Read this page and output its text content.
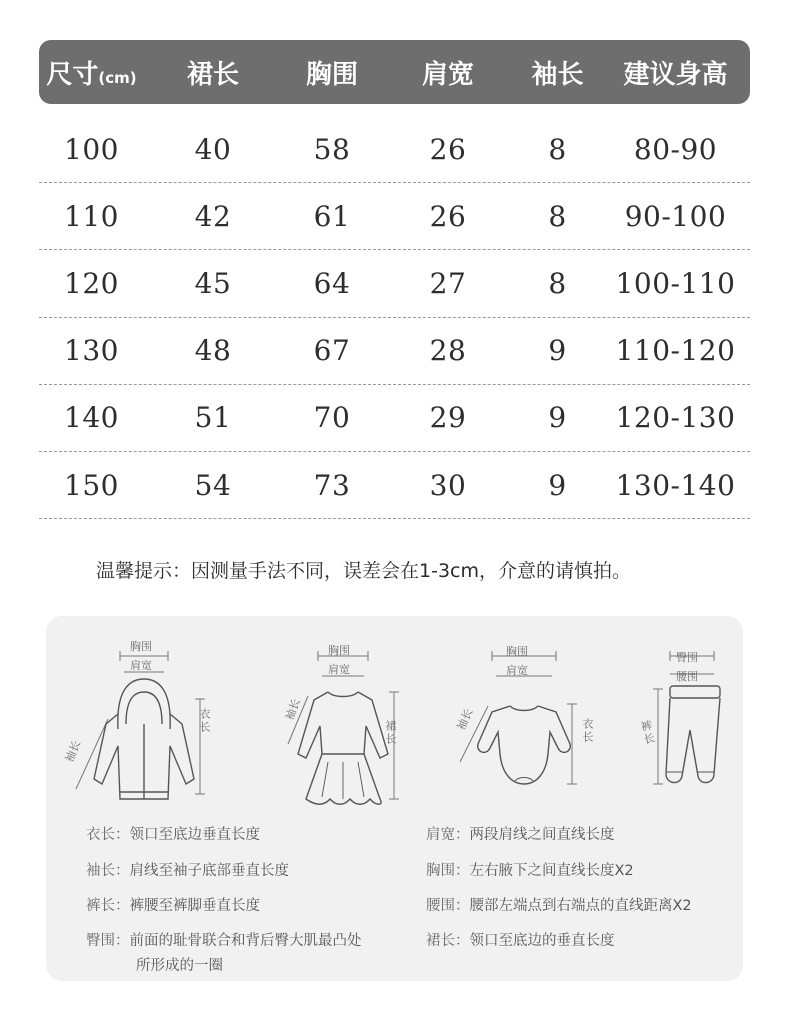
尺寸(cm)	裙长	胸围	肩宽	袖长	建议身高
100	40	58	26	8	80-90
110	42	61	26	8	90-100
120	45	64	27	8	100-110
130	48	67	28	9	110-120
140	51	70	29	9	120-130
150	54	73	30	9	130-140
温馨提示：因测量手法不同，误差会在1-3cm，介意的请慎拍。
胸围
肩宽
衣长
袖长
胸围
肩宽
裙长
袖长
胸围
肩宽
衣长
袖长
臀围
腰围
裤长
衣长：领口至底边垂直长度
袖长：肩线至袖子底部垂直长度
裤长：裤腰至裤脚垂直长度
臀围：前面的耻骨联合和背后臀大肌最凸处
所形成的一圈
肩宽：两段肩线之间直线长度
胸围：左右腋下之间直线长度X2
腰围：腰部左端点到右端点的直线距离X2
裙长：领口至底边的垂直长度
